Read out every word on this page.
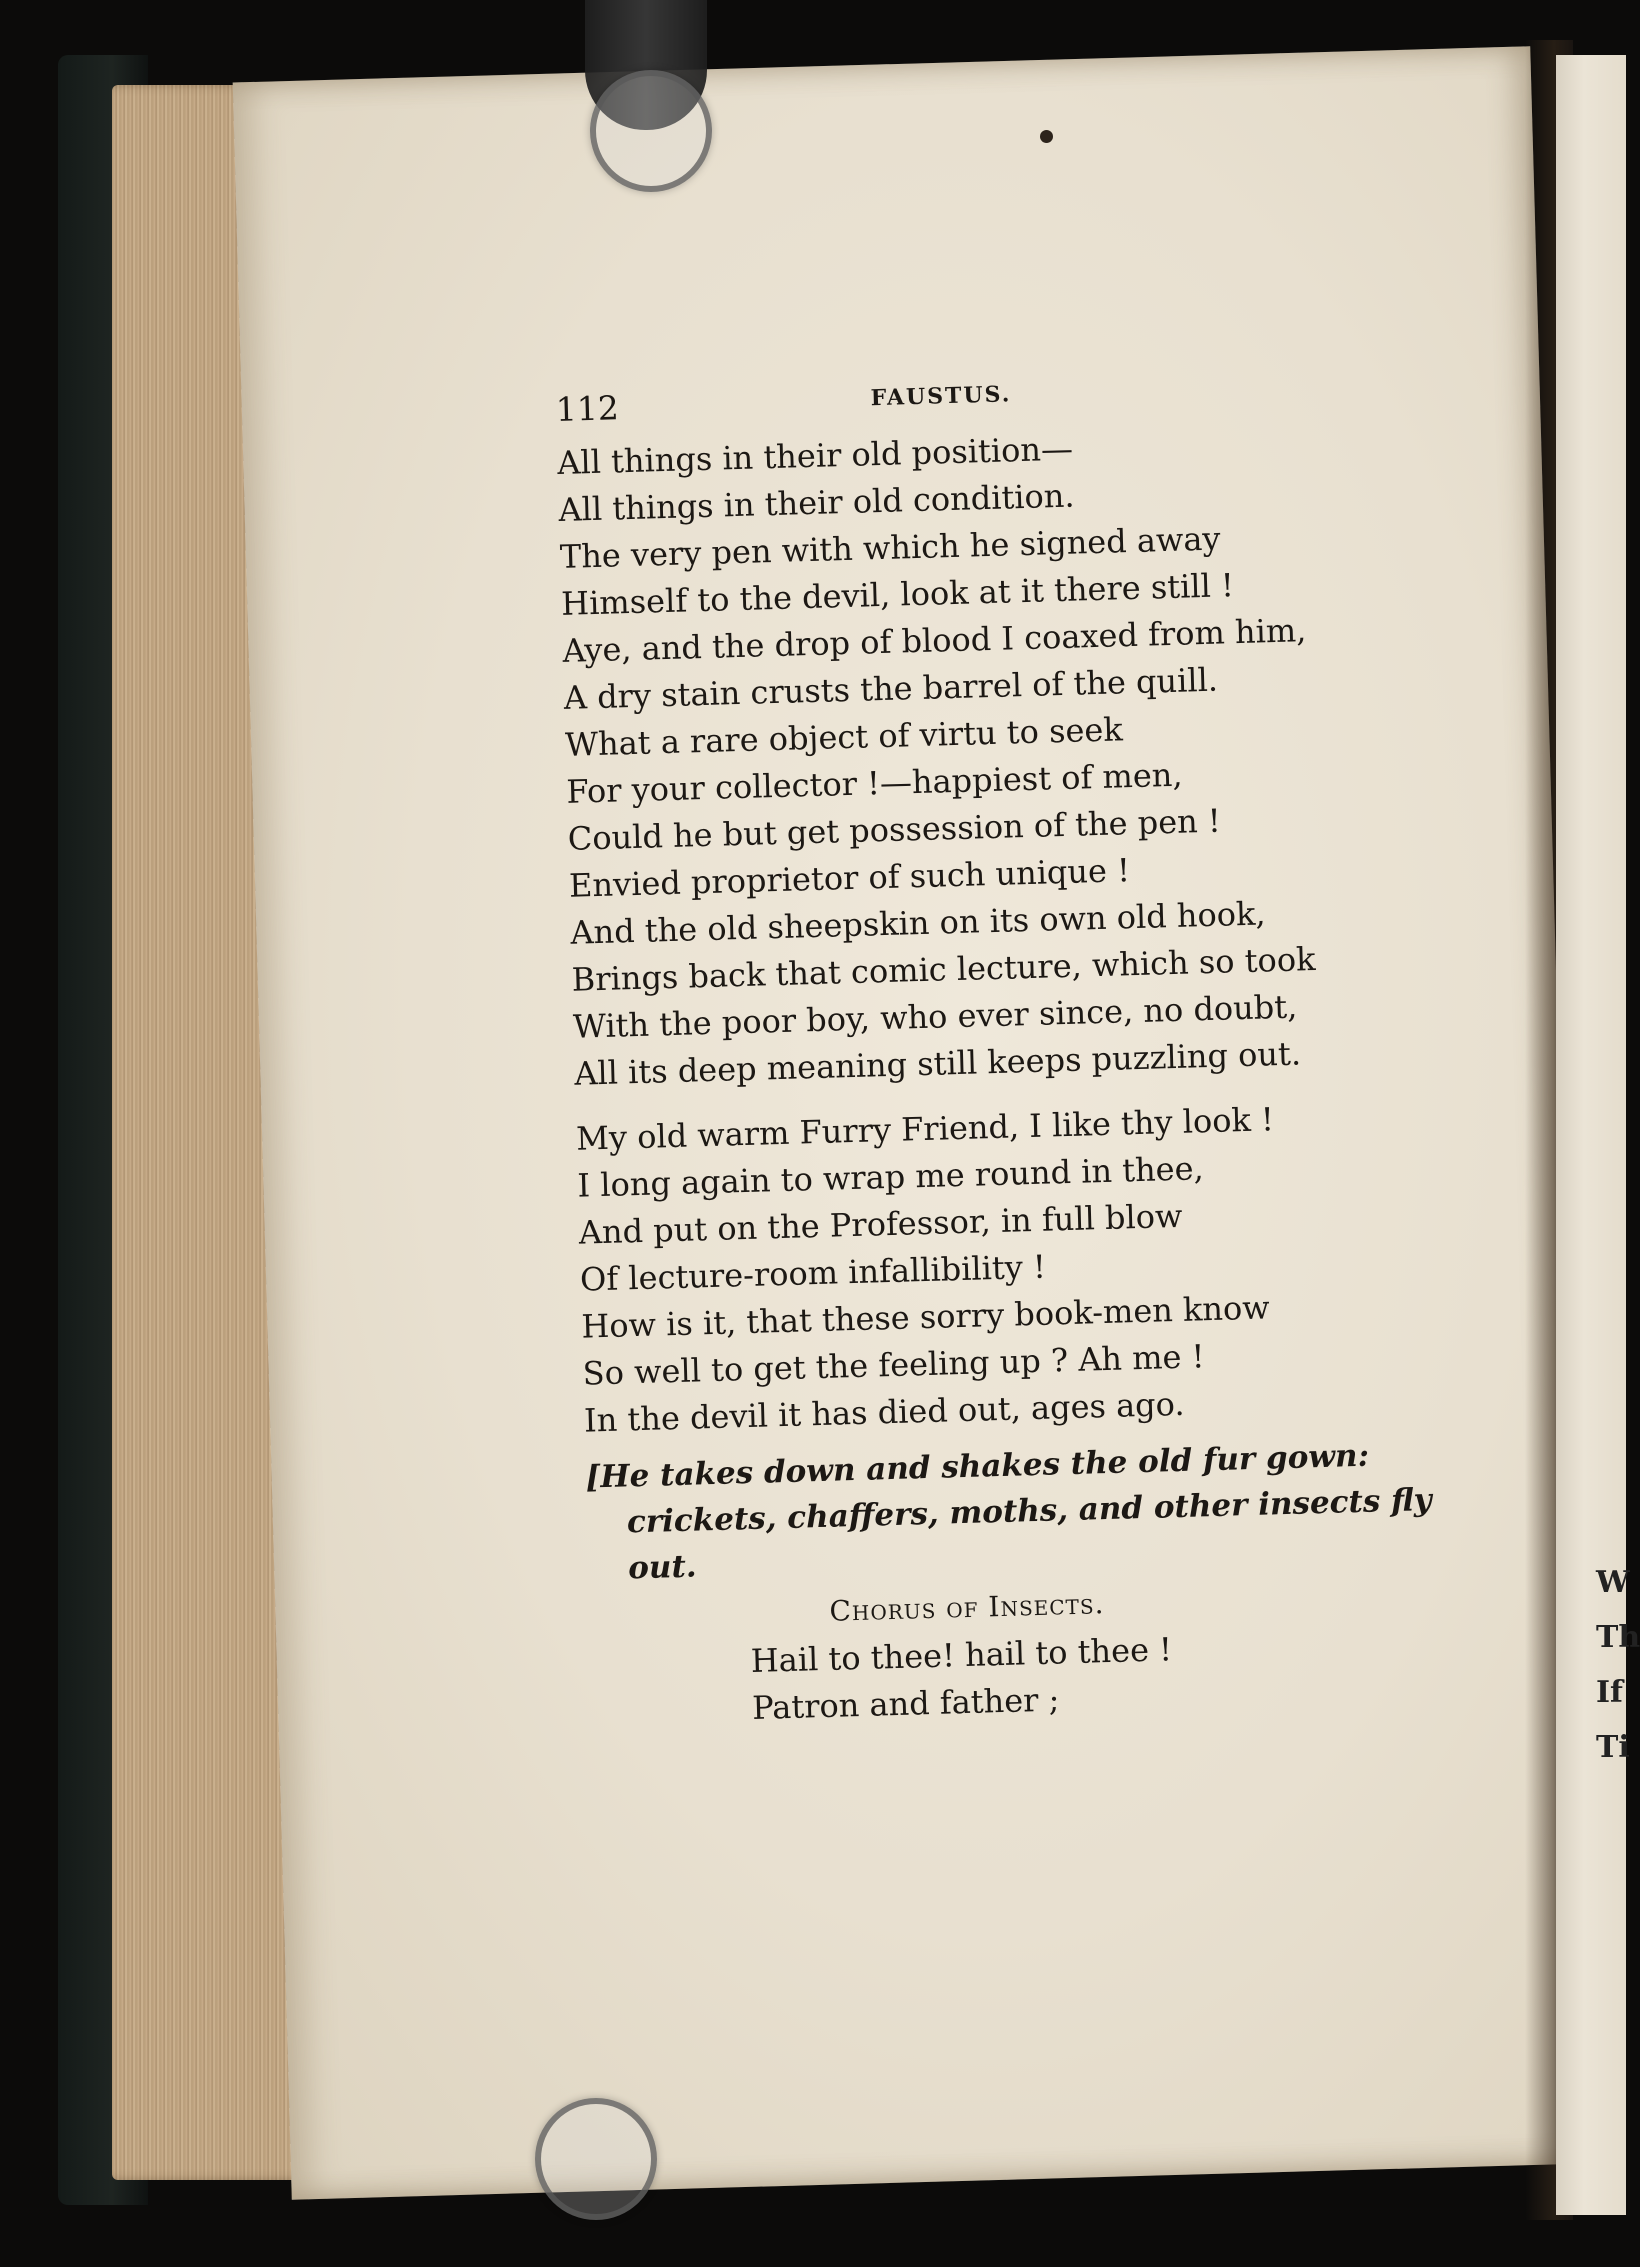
W
Th
If
Ti
112	FAUSTUS.
All things in their old position—
All things in their old condition.
The very pen with which he signed away
Himself to the devil, look at it there still !
Aye, and the drop of blood I coaxed from him,
A dry stain crusts the barrel of the quill.
What a rare object of virtu to seek
For your collector !—happiest of men,
Could he but get possession of the pen !
Envied proprietor of such unique !
And the old sheepskin on its own old hook,
Brings back that comic lecture, which so took
With the poor boy, who ever since, no doubt,
All its deep meaning still keeps puzzling out.
My old warm Furry Friend, I like thy look !
I long again to wrap me round in thee,
And put on the Professor, in full blow
Of lecture-room infallibility !
How is it, that these sorry book-men know
So well to get the feeling up ? Ah me !
In the devil it has died out, ages ago.
[He takes down and shakes the old fur gown:
crickets, chaffers, moths, and other insects fly
out.
Chorus of Insects.
Hail to thee! hail to thee !
Patron and father ;
